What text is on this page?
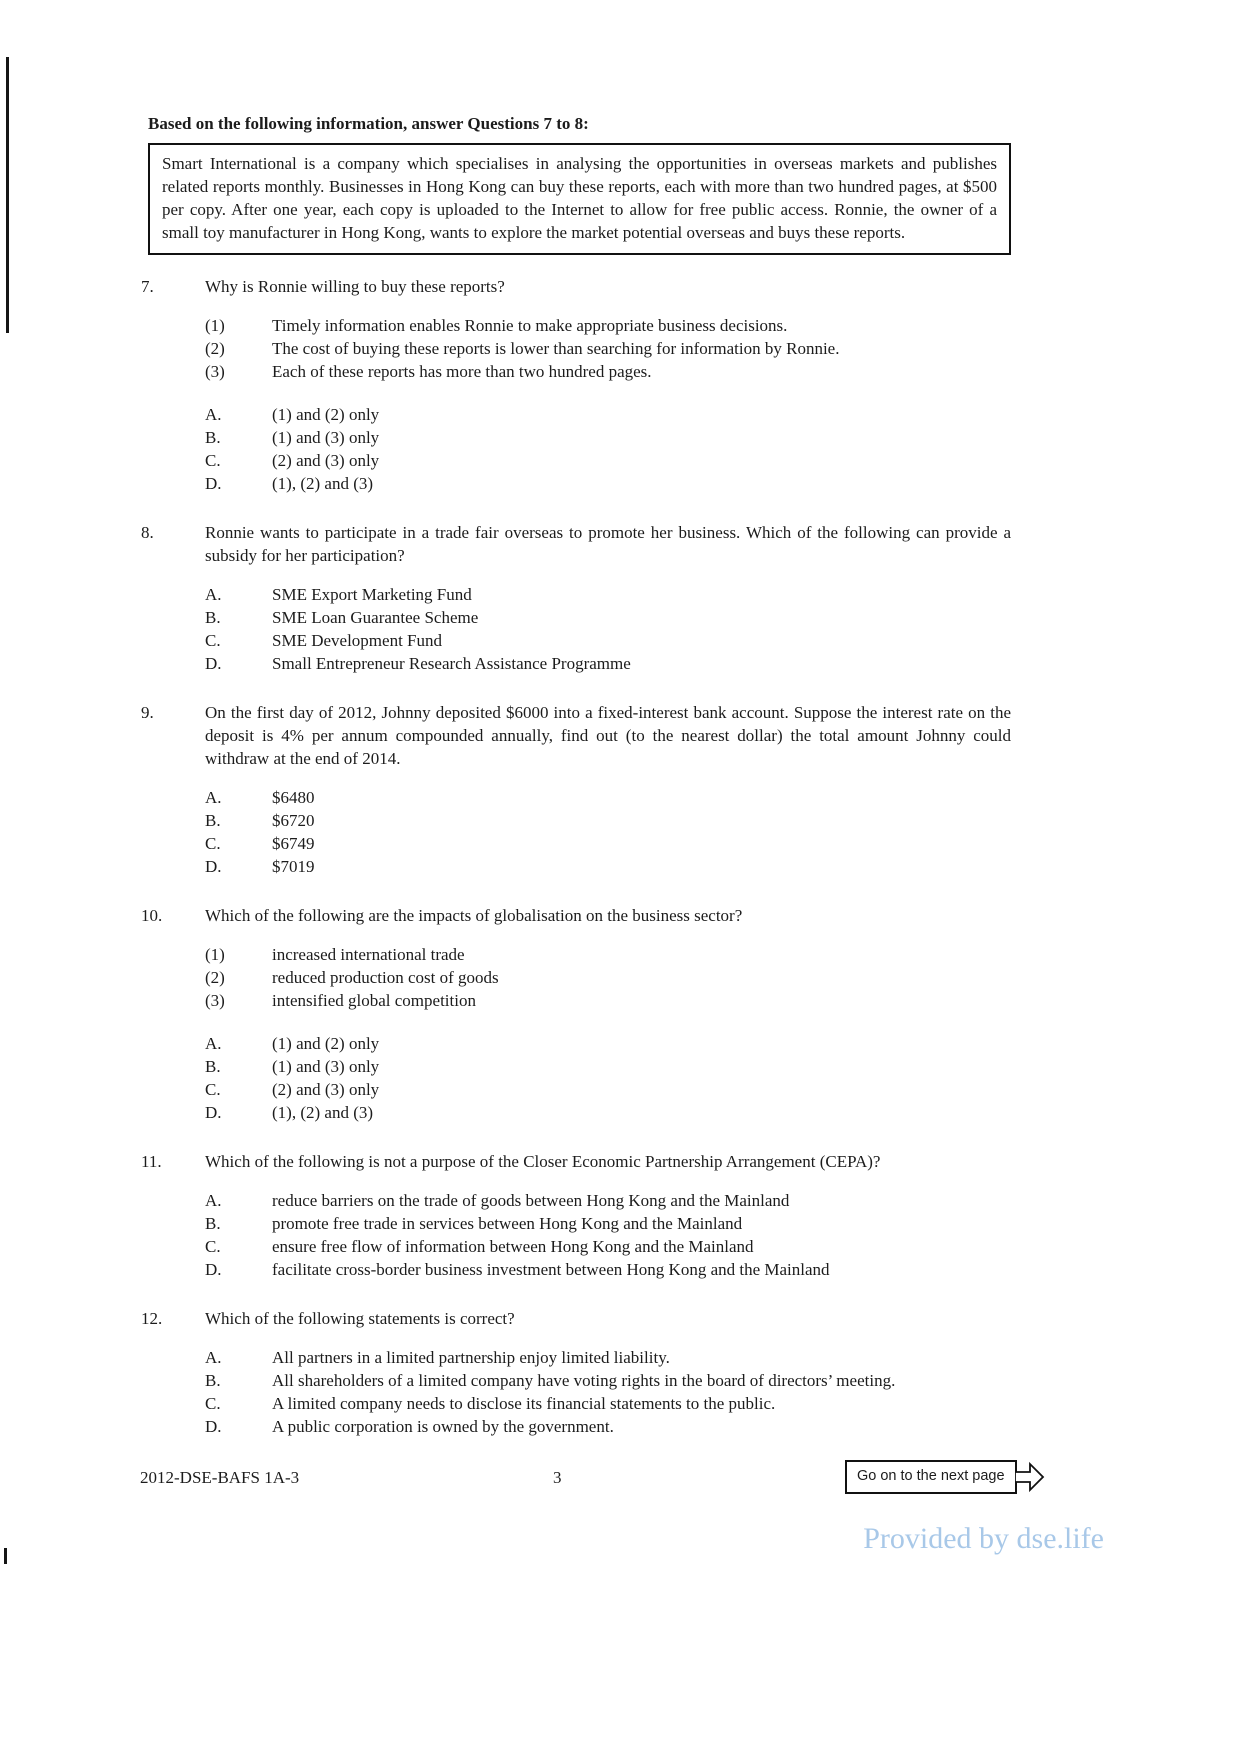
Based on the following information, answer Questions 7 to 8:

Smart International is a company which specialises in analysing the opportunities in overseas markets and publishes related reports monthly. Businesses in Hong Kong can buy these reports, each with more than two hundred pages, at $500 per copy. After one year, each copy is uploaded to the Internet to allow for free public access. Ronnie, the owner of a small toy manufacturer in Hong Kong, wants to explore the market potential overseas and buys these reports.

7.	Why is Ronnie willing to buy these reports?
(1)	Timely information enables Ronnie to make appropriate business decisions.
(2)	The cost of buying these reports is lower than searching for information by Ronnie.
(3)	Each of these reports has more than two hundred pages.
A.	(1) and (2) only
B.	(1) and (3) only
C.	(2) and (3) only
D.	(1), (2) and (3)
8.	Ronnie wants to participate in a trade fair overseas to promote her business. Which of the following can provide a subsidy for her participation?
A.	SME Export Marketing Fund
B.	SME Loan Guarantee Scheme
C.	SME Development Fund
D.	Small Entrepreneur Research Assistance Programme
9.	On the first day of 2012, Johnny deposited $6000 into a fixed-interest bank account. Suppose the interest rate on the deposit is 4% per annum compounded annually, find out (to the nearest dollar) the total amount Johnny could withdraw at the end of 2014.
A.	$6480
B.	$6720
C.	$6749
D.	$7019
10.	Which of the following are the impacts of globalisation on the business sector?
(1)	increased international trade
(2)	reduced production cost of goods
(3)	intensified global competition
A.	(1) and (2) only
B.	(1) and (3) only
C.	(2) and (3) only
D.	(1), (2) and (3)
11.	Which of the following is not a purpose of the Closer Economic Partnership Arrangement (CEPA)?
A.	reduce barriers on the trade of goods between Hong Kong and the Mainland
B.	promote free trade in services between Hong Kong and the Mainland
C.	ensure free flow of information between Hong Kong and the Mainland
D.	facilitate cross-border business investment between Hong Kong and the Mainland
12.	Which of the following statements is correct?
A.	All partners in a limited partnership enjoy limited liability.
B.	All shareholders of a limited company have voting rights in the board of directors’ meeting.
C.	A limited company needs to disclose its financial statements to the public.
D.	A public corporation is owned by the government.
2012-DSE-BAFS 1A-3	3	Go on to the next page
Provided by dse.life
